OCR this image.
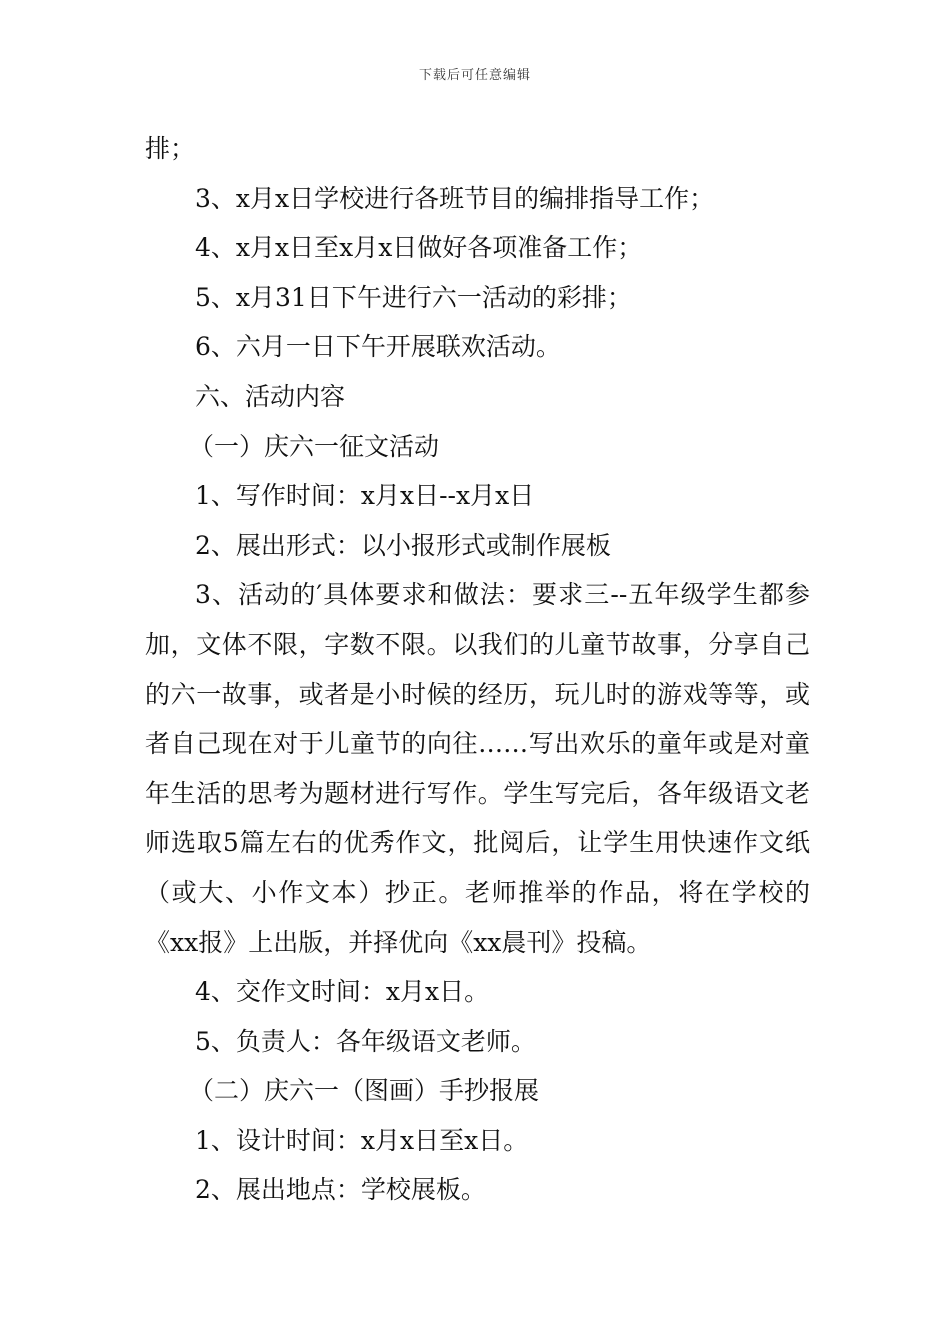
下载后可任意编辑

排；

3、x月x日学校进行各班节目的编排指导工作；

4、x月x日至x月x日做好各项准备工作；

5、x月31日下午进行六一活动的彩排；

6、六月一日下午开展联欢活动。

六、活动内容

（一）庆六一征文活动

1、写作时间：x月x日--x月x日

2、展出形式：以小报形式或制作展板

3、活动的′具体要求和做法：要求三--五年级学生都参加，文体不限，字数不限。以我们的儿童节故事，分享自己的六一故事，或者是小时候的经历，玩儿时的游戏等等，或者自己现在对于儿童节的向往……写出欢乐的童年或是对童年生活的思考为题材进行写作。学生写完后，各年级语文老师选取5篇左右的优秀作文，批阅后，让学生用快速作文纸（或大、小作文本）抄正。老师推举的作品，将在学校的《xx报》上出版，并择优向《xx晨刊》投稿。

4、交作文时间：x月x日。

5、负责人：各年级语文老师。

（二）庆六一（图画）手抄报展

1、设计时间：x月x日至x日。

2、展出地点：学校展板。
